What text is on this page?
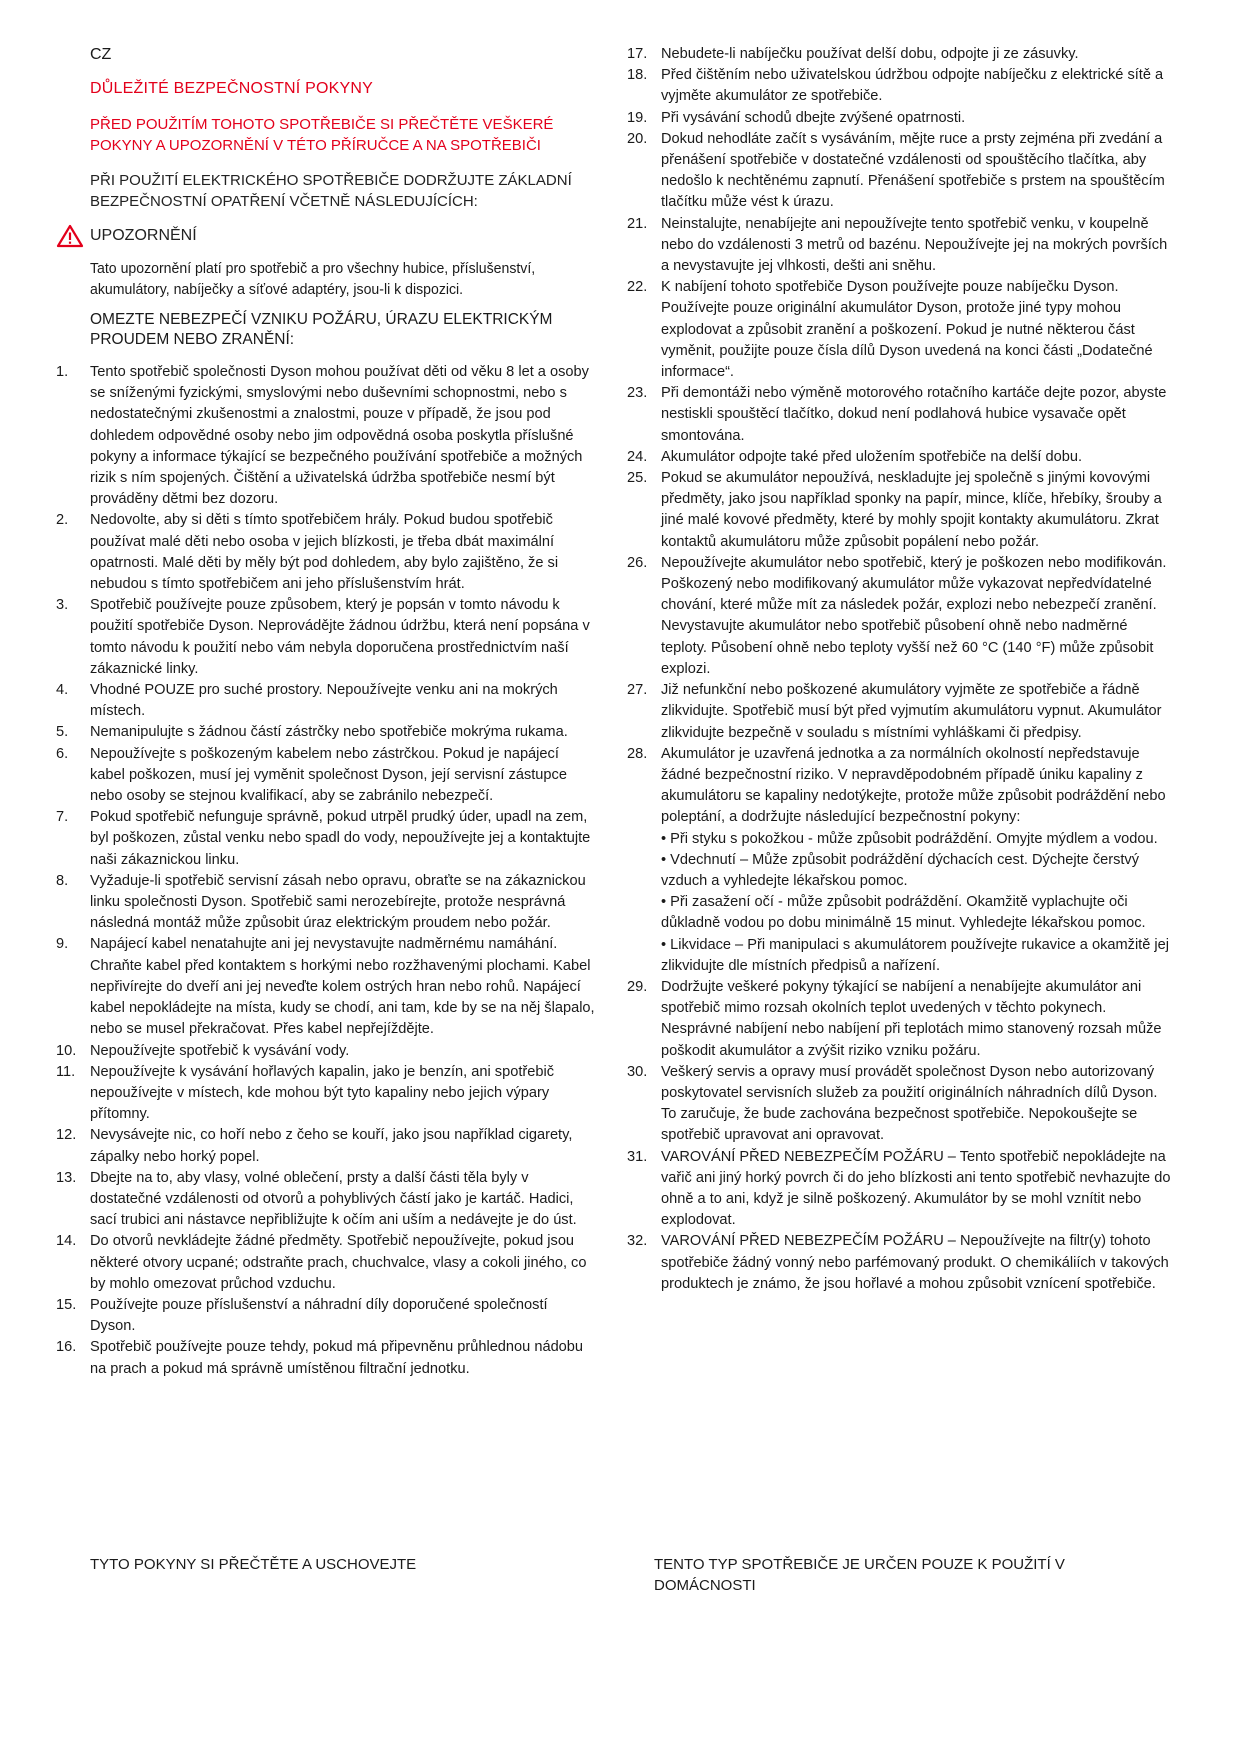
CZ
DŮLEŽITÉ BEZPEČNOSTNÍ POKYNY
PŘED POUŽITÍM TOHOTO SPOTŘEBIČE SI PŘEČTĚTE VEŠKERÉ POKYNY A UPOZORNĚNÍ V TÉTO PŘÍRUČCE A NA SPOTŘEBIČI
PŘI POUŽITÍ ELEKTRICKÉHO SPOTŘEBIČE DODRŽUJTE ZÁKLADNÍ BEZPEČNOSTNÍ OPATŘENÍ VČETNĚ NÁSLEDUJÍCÍCH:
UPOZORNĚNÍ
Tato upozornění platí pro spotřebič a pro všechny hubice, příslušenství, akumulátory, nabíječky a síťové adaptéry, jsou-li k dispozici.
OMEZTE NEBEZPEČÍ VZNIKU POŽÁRU, ÚRAZU ELEKTRICKÝM PROUDEM NEBO ZRANĚNÍ:
1.	Tento spotřebič společnosti Dyson mohou používat děti od věku 8 let a osoby se sníženými fyzickými, smyslovými nebo duševními schopnostmi, nebo s nedostatečnými zkušenostmi a znalostmi, pouze v případě, že jsou pod dohledem odpovědné osoby nebo jim odpovědná osoba poskytla příslušné pokyny a informace týkající se bezpečného používání spotřebiče a možných rizik s ním spojených. Čištění a uživatelská údržba spotřebiče nesmí být prováděny dětmi bez dozoru.
2.	Nedovolte, aby si děti s tímto spotřebičem hrály. Pokud budou spotřebič používat malé děti nebo osoba v jejich blízkosti, je třeba dbát maximální opatrnosti. Malé děti by měly být pod dohledem, aby bylo zajištěno, že si nebudou s tímto spotřebičem ani jeho příslušenstvím hrát.
3.	Spotřebič používejte pouze způsobem, který je popsán v tomto návodu k použití spotřebiče Dyson. Neprovádějte žádnou údržbu, která není popsána v tomto návodu k použití nebo vám nebyla doporučena prostřednictvím naší zákaznické linky.
4.	Vhodné POUZE pro suché prostory. Nepoužívejte venku ani na mokrých místech.
5.	Nemanipulujte s žádnou částí zástrčky nebo spotřebiče mokrýma rukama.
6.	Nepoužívejte s poškozeným kabelem nebo zástrčkou. Pokud je napájecí kabel poškozen, musí jej vyměnit společnost Dyson, její servisní zástupce nebo osoby se stejnou kvalifikací, aby se zabránilo nebezpečí.
7.	Pokud spotřebič nefunguje správně, pokud utrpěl prudký úder, upadl na zem, byl poškozen, zůstal venku nebo spadl do vody, nepoužívejte jej a kontaktujte naši zákaznickou linku.
8.	Vyžaduje-li spotřebič servisní zásah nebo opravu, obraťte se na zákaznickou linku společnosti Dyson. Spotřebič sami nerozebírejte, protože nesprávná následná montáž může způsobit úraz elektrickým proudem nebo požár.
9.	Napájecí kabel nenatahujte ani jej nevystavujte nadměrnému namáhání. Chraňte kabel před kontaktem s horkými nebo rozžhavenými plochami. Kabel nepřivírejte do dveří ani jej neveďte kolem ostrých hran nebo rohů. Napájecí kabel nepokládejte na místa, kudy se chodí, ani tam, kde by se na něj šlapalo, nebo se musel překračovat. Přes kabel nepřejíždějte.
10. Nepoužívejte spotřebič k vysávání vody.
11.	Nepoužívejte k vysávání hořlavých kapalin, jako je benzín, ani spotřebič nepoužívejte v místech, kde mohou být tyto kapaliny nebo jejich výpary přítomny.
12. Nevysávejte nic, co hoří nebo z čeho se kouří, jako jsou například cigarety, zápalky nebo horký popel.
13. Dbejte na to, aby vlasy, volné oblečení, prsty a další části těla byly v dostatečné vzdálenosti od otvorů a pohyblivých částí jako je kartáč. Hadici, sací trubici ani nástavce nepřibližujte k očím ani uším a nedávejte je do úst.
14. Do otvorů nevkládejte žádné předměty. Spotřebič nepoužívejte, pokud jsou některé otvory ucpané; odstraňte prach, chuchvalce, vlasy a cokoli jiného, co by mohlo omezovat průchod vzduchu.
15. Používejte pouze příslušenství a náhradní díly doporučené společností Dyson.
16. Spotřebič používejte pouze tehdy, pokud má připevněnu průhlednou nádobu na prach a pokud má správně umístěnou filtrační jednotku.
17. Nebudete-li nabíječku používat delší dobu, odpojte ji ze zásuvky.
18. Před čištěním nebo uživatelskou údržbou odpojte nabíječku z elektrické sítě a vyjměte akumulátor ze spotřebiče.
19. Při vysávání schodů dbejte zvýšené opatrnosti.
20. Dokud nehodláte začít s vysáváním, mějte ruce a prsty zejména při zvedání a přenášení spotřebiče v dostatečné vzdálenosti od spouštěcího tlačítka, aby nedošlo k nechtěnému zapnutí. Přenášení spotřebiče s prstem na spouštěcím tlačítku může vést k úrazu.
21. Neinstalujte, nenabíjejte ani nepoužívejte tento spotřebič venku, v koupelně nebo do vzdálenosti 3 metrů od bazénu. Nepoužívejte jej na mokrých površích a nevystavujte jej vlhkosti, dešti ani sněhu.
22. K nabíjení tohoto spotřebiče Dyson používejte pouze nabíječku Dyson. Používejte pouze originální akumulátor Dyson, protože jiné typy mohou explodovat a způsobit zranění a poškození. Pokud je nutné některou část vyměnit, použijte pouze čísla dílů Dyson uvedená na konci části „Dodatečné informace“.
23. Při demontáži nebo výměně motorového rotačního kartáče dejte pozor, abyste nestiskli spouštěcí tlačítko, dokud není podlahová hubice vysavače opět smontována.
24. Akumulátor odpojte také před uložením spotřebiče na delší dobu.
25. Pokud se akumulátor nepoužívá, neskladujte jej společně s jinými kovovými předměty, jako jsou například sponky na papír, mince, klíče, hřebíky, šrouby a jiné malé kovové předměty, které by mohly spojit kontakty akumulátoru. Zkrat kontaktů akumulátoru může způsobit popálení nebo požár.
26. Nepoužívejte akumulátor nebo spotřebič, který je poškozen nebo modifikován. Poškozený nebo modifikovaný akumulátor může vykazovat nepředvídatelné chování, které může mít za následek požár, explozi nebo nebezpečí zranění. Nevystavujte akumulátor nebo spotřebič působení ohně nebo nadměrné teploty. Působení ohně nebo teploty vyšší než 60 °C (140 °F) může způsobit explozi.
27. Již nefunkční nebo poškozené akumulátory vyjměte ze spotřebiče a řádně zlikvidujte. Spotřebič musí být před vyjmutím akumulátoru vypnut. Akumulátor zlikvidujte bezpečně v souladu s místními vyhláškami či předpisy.
28. Akumulátor je uzavřená jednotka a za normálních okolností nepředstavuje žádné bezpečnostní riziko. V nepravděpodobném případě úniku kapaliny z akumulátoru se kapaliny nedotýkejte, protože může způsobit podráždění nebo poleptání, a dodržujte následující bezpečnostní pokyny:
• Při styku s pokožkou - může způsobit podráždění. Omyjte mýdlem a vodou.
• Vdechnutí – Může způsobit podráždění dýchacích cest. Dýchejte čerstvý vzduch a vyhledejte lékařskou pomoc.
• Při zasažení očí - může způsobit podráždění. Okamžitě vyplachujte oči důkladně vodou po dobu minimálně 15 minut. Vyhledejte lékařskou pomoc.
• Likvidace – Při manipulaci s akumulátorem používejte rukavice a okamžitě jej zlikvidujte dle místních předpisů a nařízení.
29. Dodržujte veškeré pokyny týkající se nabíjení a nenabíjejte akumulátor ani spotřebič mimo rozsah okolních teplot uvedených v těchto pokynech. Nesprávné nabíjení nebo nabíjení při teplotách mimo stanovený rozsah může poškodit akumulátor a zvýšit riziko vzniku požáru.
30. Veškerý servis a opravy musí provádět společnost Dyson nebo autorizovaný poskytovatel servisních služeb za použití originálních náhradních dílů Dyson. To zaručuje, že bude zachována bezpečnost spotřebiče. Nepokoušejte se spotřebič upravovat ani opravovat.
31. VAROVÁNÍ PŘED NEBEZPEČÍM POŽÁRU – Tento spotřebič nepokládejte na vařič ani jiný horký povrch či do jeho blízkosti ani tento spotřebič nevhazujte do ohně a to ani, když je silně poškozený. Akumulátor by se mohl vznítit nebo explodovat.
32. VAROVÁNÍ PŘED NEBEZPEČÍM POŽÁRU – Nepoužívejte na filtr(y) tohoto spotřebiče žádný vonný nebo parfémovaný produkt. O chemikáliích v takových produktech je známo, že jsou hořlavé a mohou způsobit vznícení spotřebiče.
TYTO POKYNY SI PŘEČTĚTE A USCHOVEJTE	TENTO TYP SPOTŘEBIČE JE URČEN POUZE K POUŽITÍ V DOMÁCNOSTI
